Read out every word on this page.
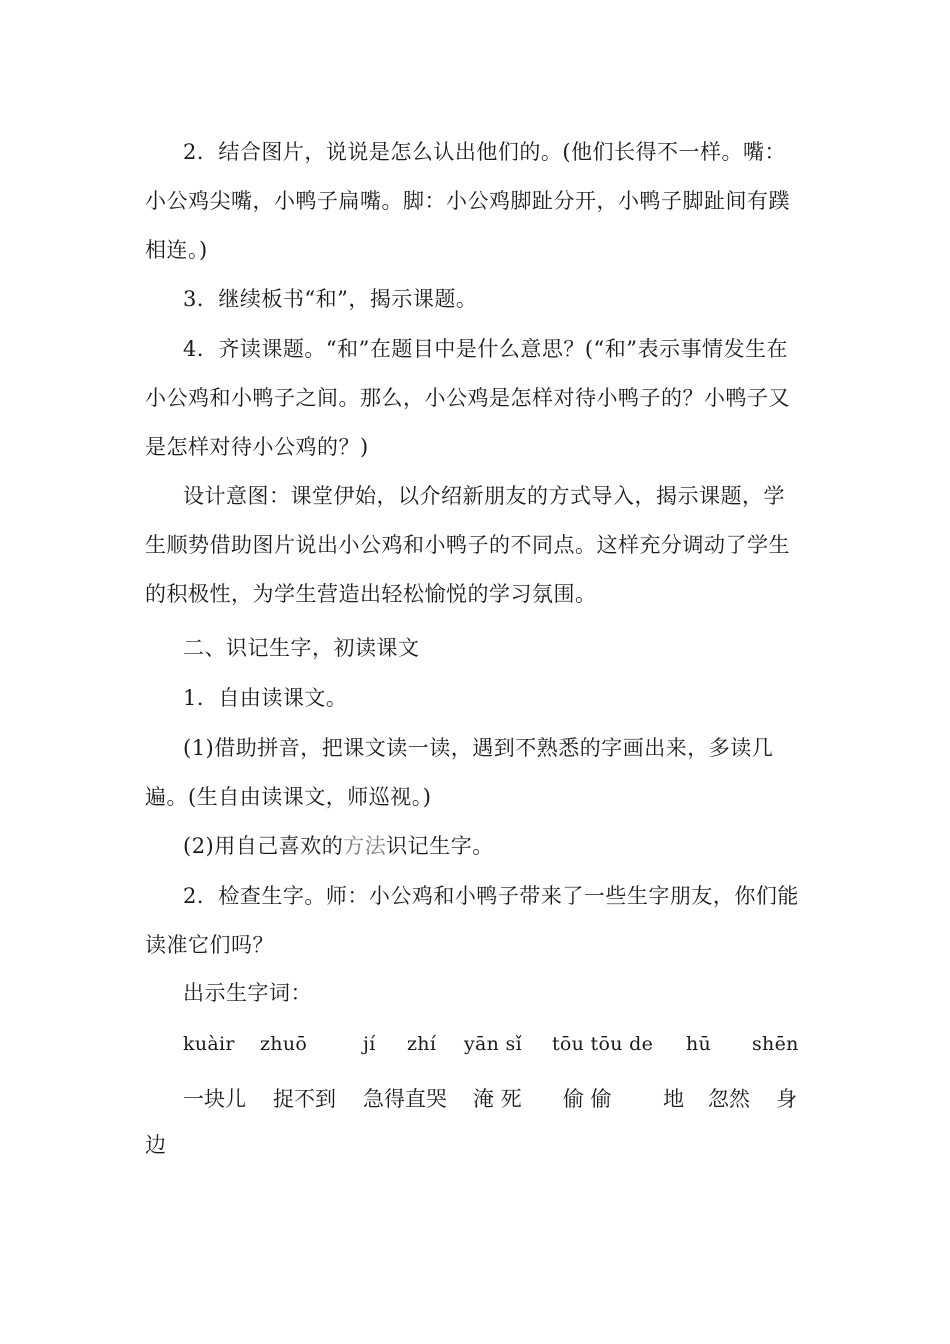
2．结合图片，说说是怎么认出他们的。(他们长得不一样。嘴：小公鸡尖嘴，小鸭子扁嘴。脚：小公鸡脚趾分开，小鸭子脚趾间有蹼相连。)

3．继续板书“和”，揭示课题。

4．齐读课题。“和”在题目中是什么意思？(“和”表示事情发生在小公鸡和小鸭子之间。那么，小公鸡是怎样对待小鸭子的？小鸭子又是怎样对待小公鸡的？)

设计意图：课堂伊始，以介绍新朋友的方式导入，揭示课题，学生顺势借助图片说出小公鸡和小鸭子的不同点。这样充分调动了学生的积极性，为学生营造出轻松愉悦的学习氛围。

二、识记生字，初读课文

1．自由读课文。

(1)借助拼音，把课文读一读，遇到不熟悉的字画出来，多读几遍。(生自由读课文，师巡视。)

(2)用自己喜欢的方法识记生字。

2．检查生字。师：小公鸡和小鸭子带来了一些生字朋友，你们能读准它们吗？

出示生字词：

kuàir zhuō	jí zhí yān sǐ tōu tōu de hū shēn
一块儿 捉不到 急得直哭 淹 死 偷 偷 地 忽然 身
边
